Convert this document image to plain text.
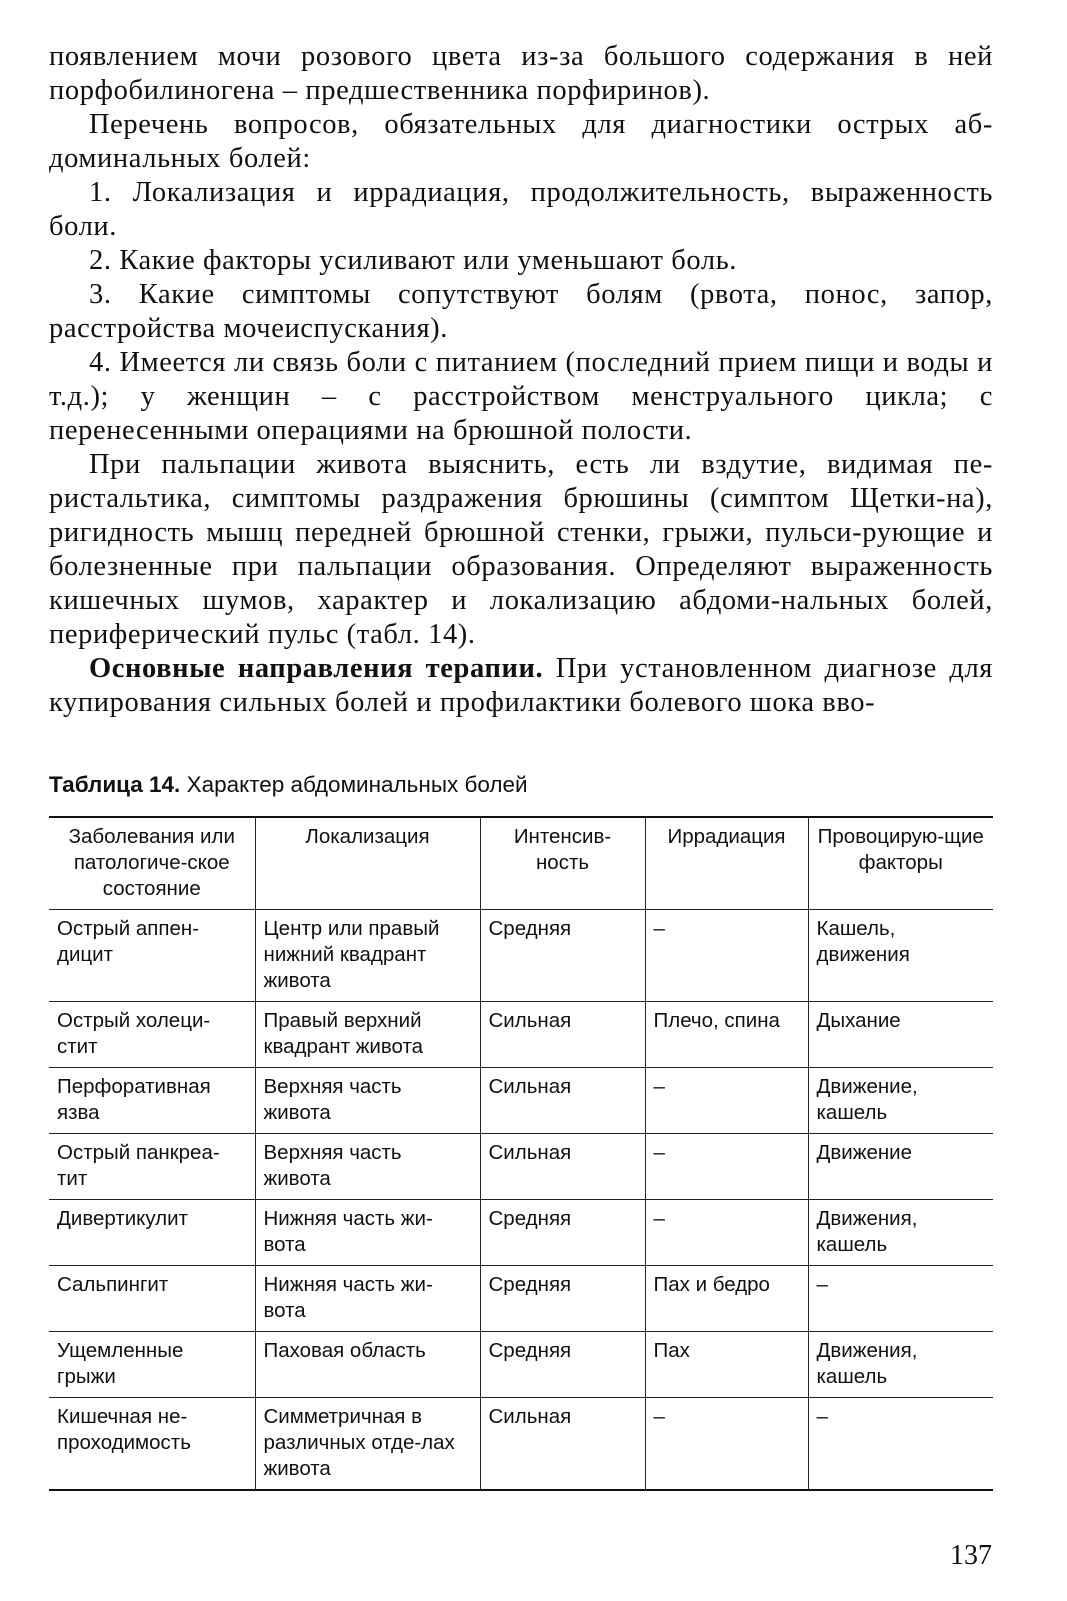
появлением мочи розового цвета из-за большого содержания в ней порфобилиногена – предшественника порфиринов).

Перечень вопросов, обязательных для диагностики острых аб-доминальных болей:

1. Локализация и иррадиация, продолжительность, выраженность боли.

2. Какие факторы усиливают или уменьшают боль.

3. Какие симптомы сопутствуют болям (рвота, понос, запор, расстройства мочеиспускания).

4. Имеется ли связь боли с питанием (последний прием пищи и воды и т.д.); у женщин – с расстройством менструального цикла; с перенесенными операциями на брюшной полости.

При пальпации живота выяснить, есть ли вздутие, видимая пе-ристальтика, симптомы раздражения брюшины (симптом Щетки-на), ригидность мышц передней брюшной стенки, грыжи, пульси-рующие и болезненные при пальпации образования. Определяют выраженность кишечных шумов, характер и локализацию абдоми-нальных болей, периферический пульс (табл. 14).

Основные направления терапии. При установленном диагнозе для купирования сильных болей и профилактики болевого шока вво-

Таблица 14. Характер абдоминальных болей
Заболевания или патологиче-ское состояние	Локализация	Интенсив-ность	Иррадиация	Провоцирую-щие факторы
Острый аппен-дицит	Центр или правый нижний квадрант живота	Средняя	–	Кашель, движения
Острый холеци-стит	Правый верхний квадрант живота	Сильная	Плечо, спина	Дыхание
Перфоративная язва	Верхняя часть живота	Сильная	–	Движение, кашель
Острый панкреа-тит	Верхняя часть живота	Сильная	–	Движение
Дивертикулит	Нижняя часть жи-вота	Средняя	–	Движения, кашель
Сальпингит	Нижняя часть жи-вота	Средняя	Пах и бедро	–
Ущемленные грыжи	Паховая область	Средняя	Пах	Движения, кашель
Кишечная не-проходимость	Симметричная в различных отде-лах живота	Сильная	–	–
137
